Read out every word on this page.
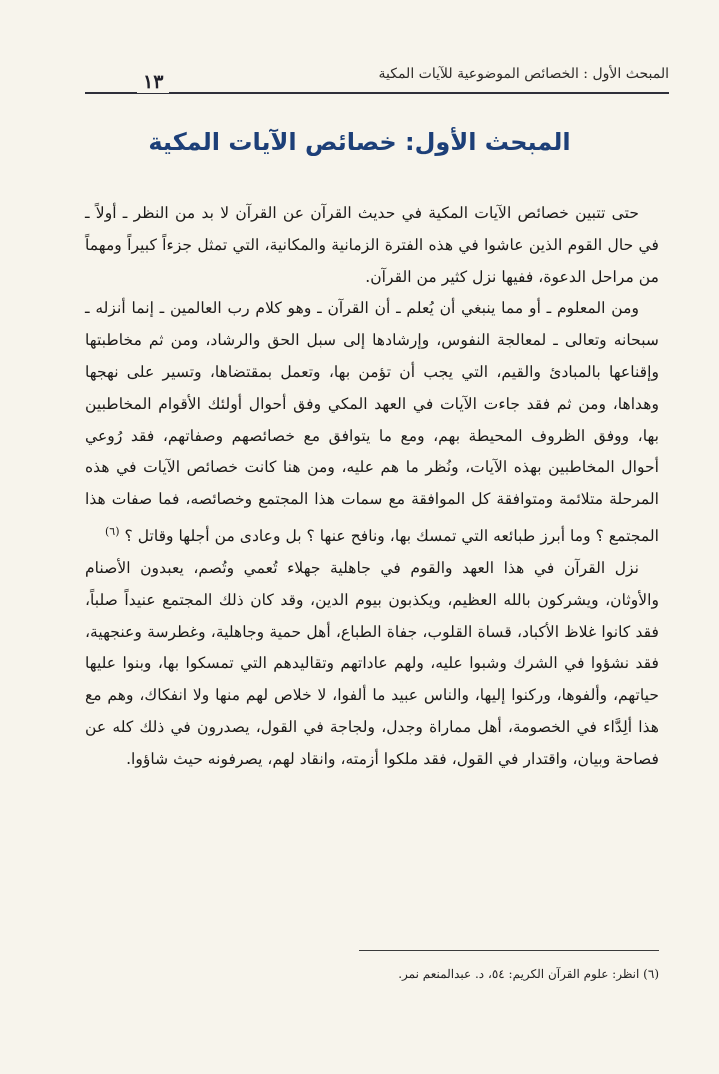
المبحث الأول : الخصائص الموضوعية للآيات المكية
١٣
المبحث الأول: خصائص الآيات المكية

حتى تتبين خصائص الآيات المكية في حديث القرآن عن القرآن لا بد من النظر ـ أولاً ـ في حال القوم الذين عاشوا في هذه الفترة الزمانية والمكانية، التي تمثل جزءاً كبيراً ومهماً من مراحل الدعوة، ففيها نزل كثير من القرآن.

ومن المعلوم ـ أو مما ينبغي أن يُعلم ـ أن القرآن ـ وهو كلام رب العالمين ـ إنما أنزله ـ سبحانه وتعالى ـ لمعالجة النفوس، وإرشادها إلى سبل الحق والرشاد، ومن ثم مخاطبتها وإقناعها بالمبادئ والقيم، التي يجب أن تؤمن بها، وتعمل بمقتضاها، وتسير على نهجها وهداها، ومن ثم فقد جاءت الآيات في العهد المكي وفق أحوال أولئك الأقوام المخاطبين بها، ووفق الظروف المحيطة بهم، ومع ما يتوافق مع خصائصهم وصفاتهم، فقد رُوعي أحوال المخاطبين بهذه الآيات، ونُظر ما هم عليه، ومن هنا كانت خصائص الآيات في هذه المرحلة متلائمة ومتوافقة كل الموافقة مع سمات هذا المجتمع وخصائصه، فما صفات هذا المجتمع ؟ وما أبرز طبائعه التي تمسك بها، ونافح عنها ؟ بل وعادى من أجلها وقاتل ؟ $^{(٦)}$

نزل القرآن في هذا العهد والقوم في جاهلية جهلاء تُعمي وتُصم، يعبدون الأصنام والأوثان، ويشركون بالله العظيم، ويكذبون بيوم الدين، وقد كان ذلك المجتمع عنيداً صلباً، فقد كانوا غلاظ الأكباد، قساة القلوب، جفاة الطباع، أهل حمية وجاهلية، وغطرسة وعنجهية، فقد نشؤوا في الشرك وشبوا عليه، ولهم عاداتهم وتقاليدهم التي تمسكوا بها، وبنوا عليها حياتهم، وألفوها، وركنوا إليها، والناس عبيد ما ألفوا، لا خلاص لهم منها ولا انفكاك، وهم مع هذا ألِدَّاء في الخصومة، أهل مماراة وجدل، ولجاجة في القول، يصدرون في ذلك كله عن فصاحة وبيان، واقتدار في القول، فقد ملكوا أزمته، وانقاد لهم، يصرفونه حيث شاؤوا.

(٦) انظر: علوم القرآن الكريم: ٥٤، د. عبدالمنعم نمر.
